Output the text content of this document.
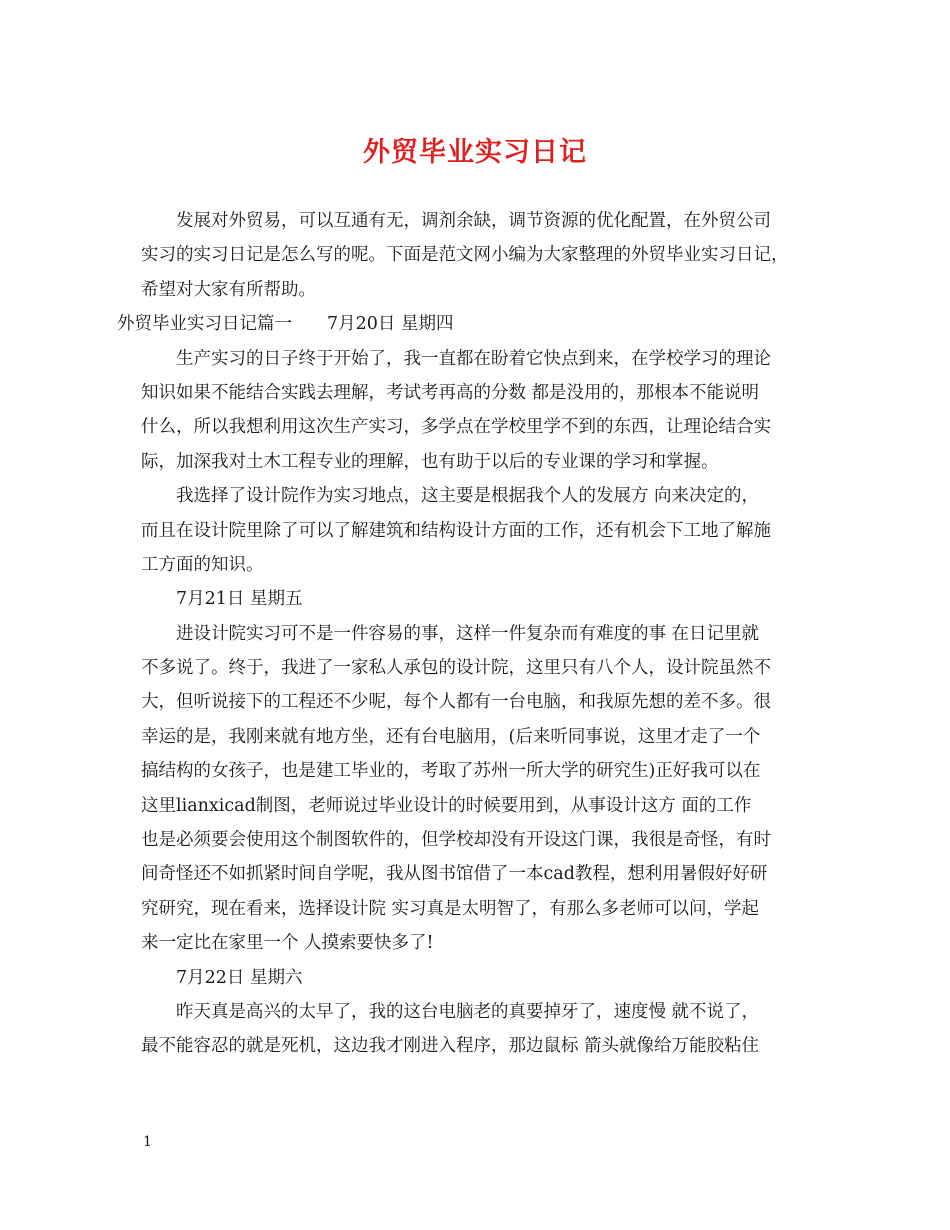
外贸毕业实习日记
发展对外贸易，可以互通有无，调剂余缺，调节资源的优化配置，在外贸公司
实习的实习日记是怎么写的呢。下面是范文网小编为大家整理的外贸毕业实习日记，
希望对大家有所帮助。
外贸毕业实习日记篇一　　7月20日 星期四
生产实习的日子终于开始了，我一直都在盼着它快点到来，在学校学习的理论
知识如果不能结合实践去理解，考试考再高的分数 都是没用的，那根本不能说明
什么，所以我想利用这次生产实习，多学点在学校里学不到的东西，让理论结合实
际，加深我对土木工程专业的理解，也有助于以后的专业课的学习和掌握。
我选择了设计院作为实习地点，这主要是根据我个人的发展方 向来决定的，
而且在设计院里除了可以了解建筑和结构设计方面的工作，还有机会下工地了解施
工方面的知识。
7月21日 星期五
进设计院实习可不是一件容易的事，这样一件复杂而有难度的事 在日记里就
不多说了。终于，我进了一家私人承包的设计院，这里只有八个人，设计院虽然不
大，但听说接下的工程还不少呢，每个人都有一台电脑，和我原先想的差不多。很
幸运的是，我刚来就有地方坐，还有台电脑用，(后来听同事说，这里才走了一个
搞结构的女孩子，也是建工毕业的，考取了苏州一所大学的研究生)正好我可以在
这里lianxicad制图，老师说过毕业设计的时候要用到，从事设计这方 面的工作
也是必须要会使用这个制图软件的，但学校却没有开设这门课，我很是奇怪，有时
间奇怪还不如抓紧时间自学呢，我从图书馆借了一本cad教程，想利用暑假好好研
究研究，现在看来，选择设计院 实习真是太明智了，有那么多老师可以问，学起
来一定比在家里一个 人摸索要快多了!
7月22日 星期六
昨天真是高兴的太早了，我的这台电脑老的真要掉牙了，速度慢 就不说了，
最不能容忍的就是死机，这边我才刚进入程序，那边鼠标 箭头就像给万能胶粘住
1
